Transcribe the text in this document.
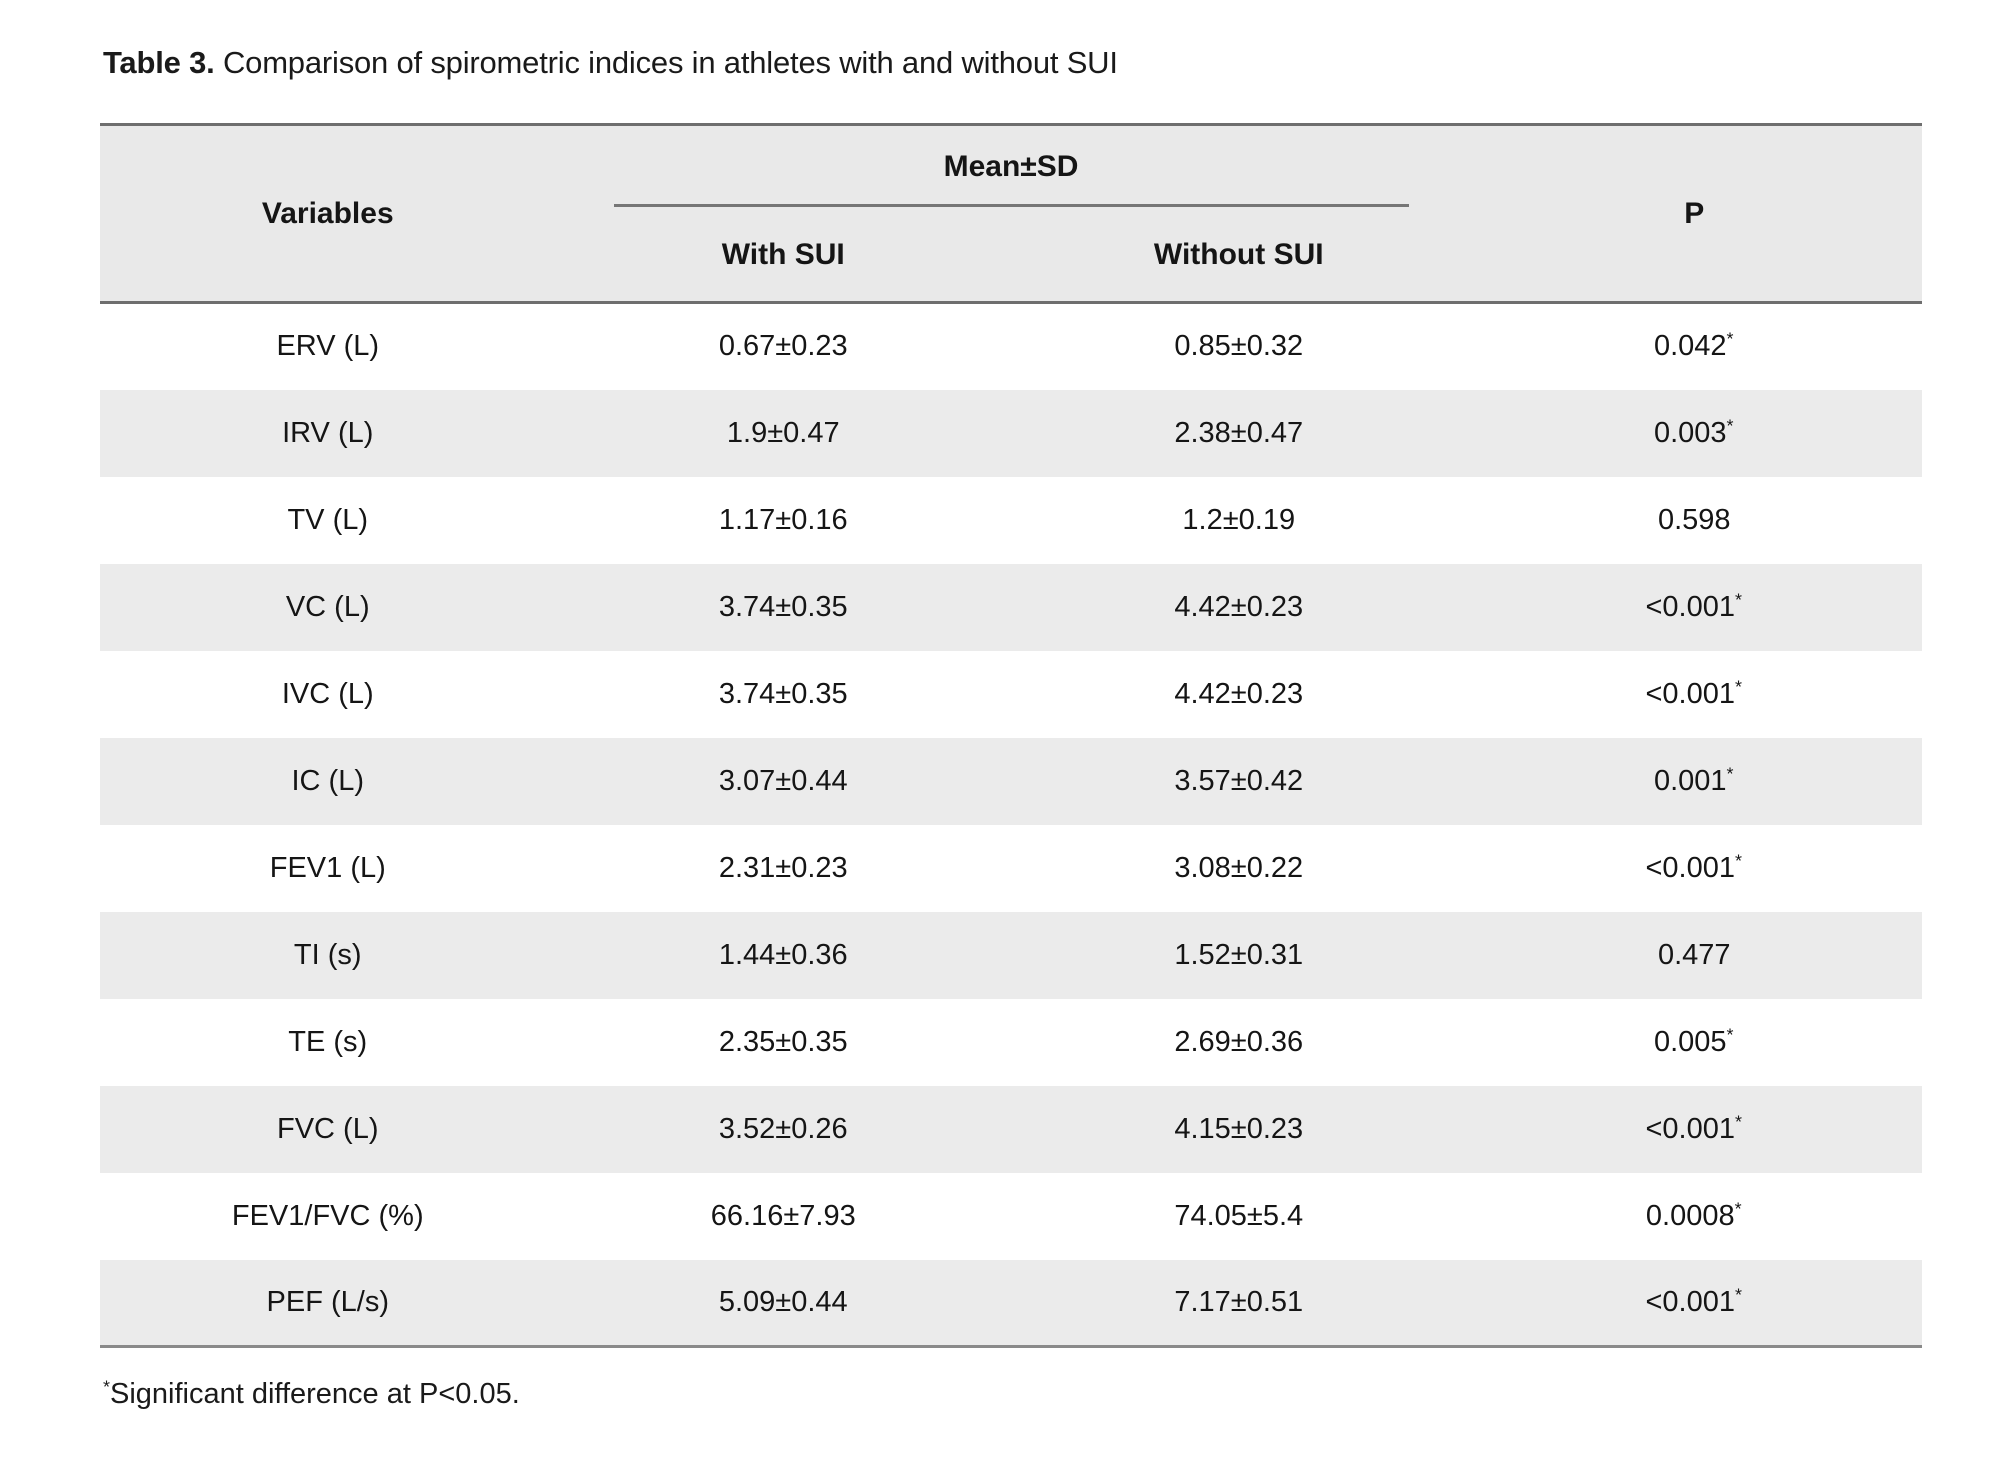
Table 3. Comparison of spirometric indices in athletes with and without SUI
Variables	Mean±SD		P
	With SUI	Without SUI	
ERV (L)	0.67±0.23	0.85±0.32	0.042*
IRV (L)	1.9±0.47	2.38±0.47	0.003*
TV (L)	1.17±0.16	1.2±0.19	0.598
VC (L)	3.74±0.35	4.42±0.23	<0.001*
IVC (L)	3.74±0.35	4.42±0.23	<0.001*
IC (L)	3.07±0.44	3.57±0.42	0.001*
FEV1 (L)	2.31±0.23	3.08±0.22	<0.001*
TI (s)	1.44±0.36	1.52±0.31	0.477
TE (s)	2.35±0.35	2.69±0.36	0.005*
FVC (L)	3.52±0.26	4.15±0.23	<0.001*
FEV1/FVC (%)	66.16±7.93	74.05±5.4	0.0008*
PEF (L/s)	5.09±0.44	7.17±0.51	<0.001*
*Significant difference at P<0.05.
